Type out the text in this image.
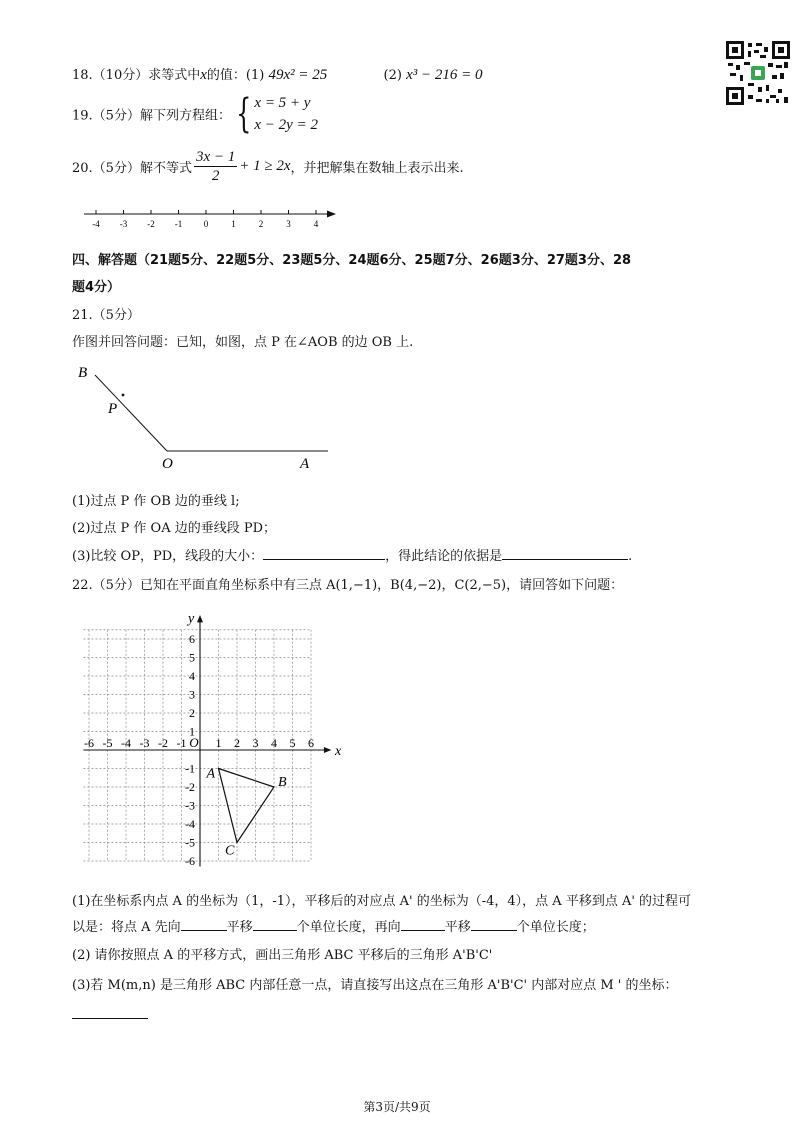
18.（10分）求等式中x的值：(1) 49x² = 25	(2) x³ − 216 = 0
19.（5分）解下列方程组： { x = 5 + y
x − 2y = 2
20.（5分）解不等式 $\frac{3x - 1}{2} + 1 \ge 2x$，并把解集在数轴上表示出来.
-4 -3 -2 -1 0	1	2	3	4
四、解答题（21题5分、22题5分、23题5分、24题6分、25题7分、26题3分、27题3分、28
题4分）
21.（5分）
作图并回答问题：已知，如图，点 P 在∠AOB 的边 OB 上.
B
P
O	A
(1)过点 P 作 OB 边的垂线 l;
(2)过点 P 作 OA 边的垂线段 PD；
(3)比较 OP，PD，线段的大小：	，得此结论的依据是	.
22.（5分）已知在平面直角坐标系中有三点 A(1,−1)，B(4,−2)，C(2,−5)，请回答如下问题：
x
y
O
-6 -5 -4 -3 -2 -1 1 2 3 4 5 6
6
5
4
3
2
1
-1
-2
-3
-4
-5
-6
A
B
C
(1)在坐标系内点 A 的坐标为（1，-1），平移后的对应点 A' 的坐标为（-4，4），点 A 平移到点 A' 的过程可
以是：将点 A 先向	平移	个单位长度，再向	平移	个单位长度；
(2) 请你按照点 A 的平移方式，画出三角形 ABC 平移后的三角形 A'B'C'
(3)若 M(m,n) 是三角形 ABC 内部任意一点，请直接写出这点在三角形 A'B'C' 内部对应点 M ' 的坐标：
第3页/共9页
